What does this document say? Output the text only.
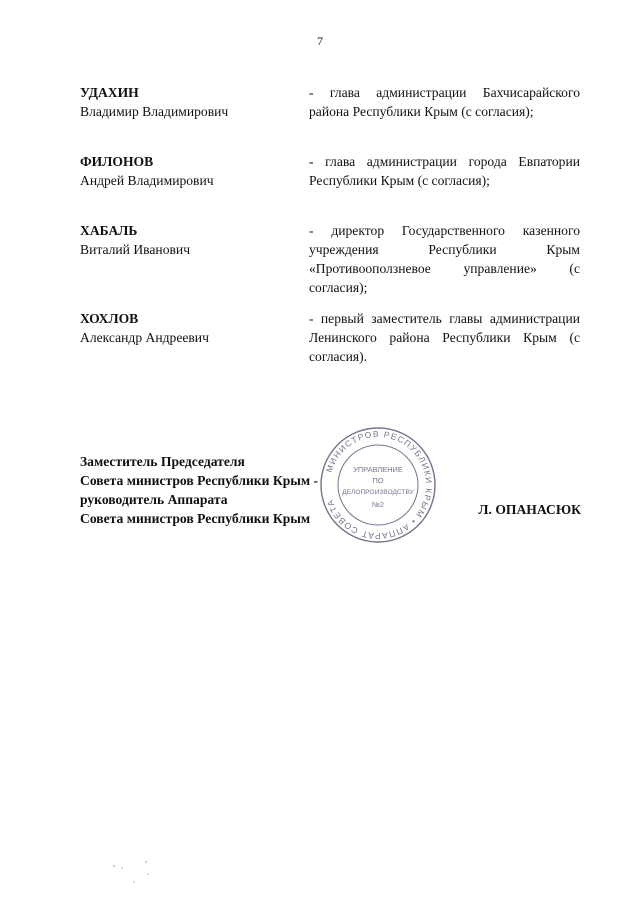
7
УДАХИН
Владимир Владимирович
- глава администрации Бахчисарайского района Республики Крым (с согласия);
ФИЛОНОВ
Андрей Владимирович
- глава администрации города Евпатории Республики Крым (с согласия);
ХАБАЛЬ
Виталий Иванович
- директор Государственного казенного учреждения Республики Крым «Противооползневое управление» (с согласия);
ХОХЛОВ
Александр Андреевич
- первый заместитель главы администрации Ленинского района Республики Крым (с согласия).
Заместитель Председателя
Совета министров Республики Крым -
руководитель Аппарата
Совета министров Республики Крым
Л. ОПАНАСЮК
МИНИСТРОВ РЕСПУБЛИКИ КРЫМ • АППАРАТ СОВЕТА
УПРАВЛЕНИЕ
ПО
ДЕЛОПРОИЗВОДСТВУ
№2
